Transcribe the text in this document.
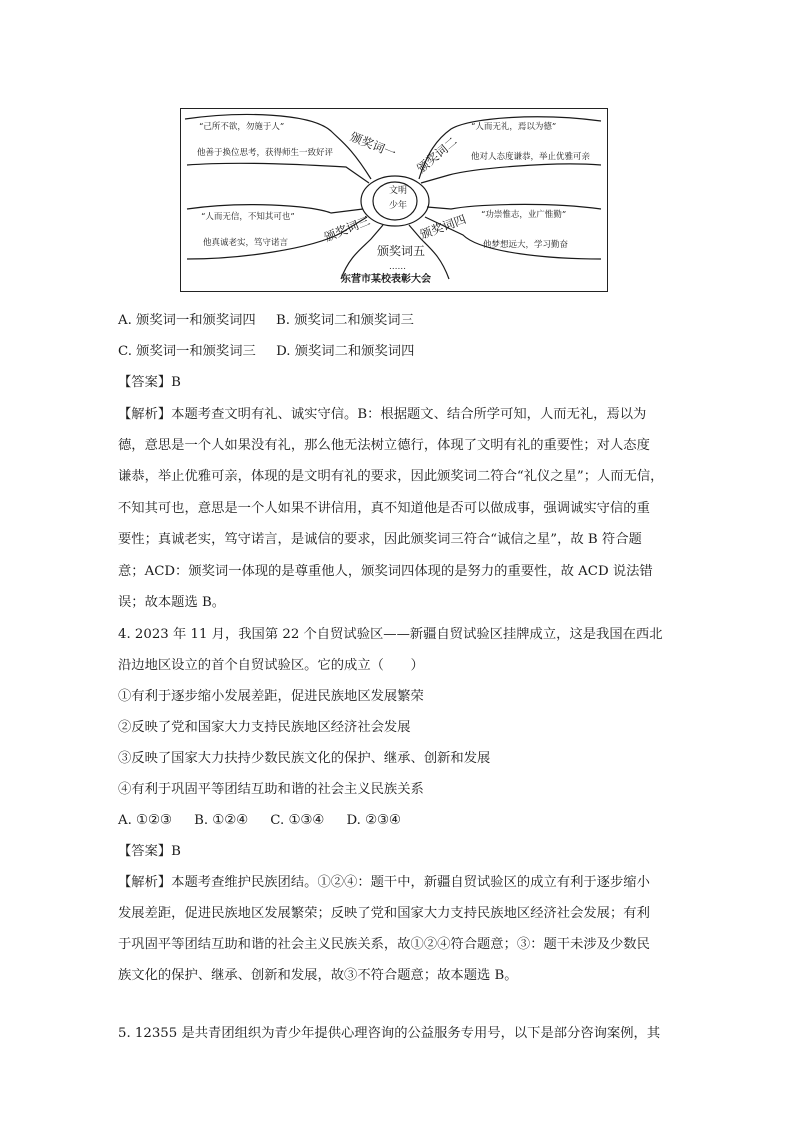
文明
少年
颁奖词一 颁奖词二
颁奖词三	颁奖词四
颁奖词五
“己所不欲，勿施于人”
他善于换位思考，获得师生一致好评
“人而无礼，焉以为德”
他对人态度谦恭，举止优雅可亲
“人而无信，不知其可也”
他真诚老实，笃守诺言
“功崇惟志，业广惟勤”
他梦想远大，学习勤奋
……
东营市某校表彰大会
A. 颁奖词一和颁奖词四 B. 颁奖词二和颁奖词三
C. 颁奖词一和颁奖词三 D. 颁奖词二和颁奖词四
【答案】B
【解析】本题考查文明有礼、诚实守信。B：根据题文、结合所学可知，人而无礼，焉以为
德，意思是一个人如果没有礼，那么他无法树立德行，体现了文明有礼的重要性；对人态度
谦恭，举止优雅可亲，体现的是文明有礼的要求，因此颁奖词二符合“礼仪之星”；人而无信，
不知其可也，意思是一个人如果不讲信用，真不知道他是否可以做成事，强调诚实守信的重
要性；真诚老实，笃守诺言，是诚信的要求，因此颁奖词三符合“诚信之星”，故 B 符合题
意；ACD：颁奖词一体现的是尊重他人，颁奖词四体现的是努力的重要性，故 ACD 说法错
误；故本题选 B。
4. 2023 年 11 月，我国第 22 个自贸试验区——新疆自贸试验区挂牌成立，这是我国在西北
沿边地区设立的首个自贸试验区。它的成立（　　）
①有利于逐步缩小发展差距，促进民族地区发展繁荣
②反映了党和国家大力支持民族地区经济社会发展
③反映了国家大力扶持少数民族文化的保护、继承、创新和发展
④有利于巩固平等团结互助和谐的社会主义民族关系
A. ①②③ B. ①②④ C. ①③④ D. ②③④
【答案】B
【解析】本题考查维护民族团结。①②④：题干中，新疆自贸试验区的成立有利于逐步缩小
发展差距，促进民族地区发展繁荣；反映了党和国家大力支持民族地区经济社会发展；有利
于巩固平等团结互助和谐的社会主义民族关系，故①②④符合题意；③：题干未涉及少数民
族文化的保护、继承、创新和发展，故③不符合题意；故本题选 B。
5. 12355 是共青团组织为青少年提供心理咨询的公益服务专用号，以下是部分咨询案例，其
